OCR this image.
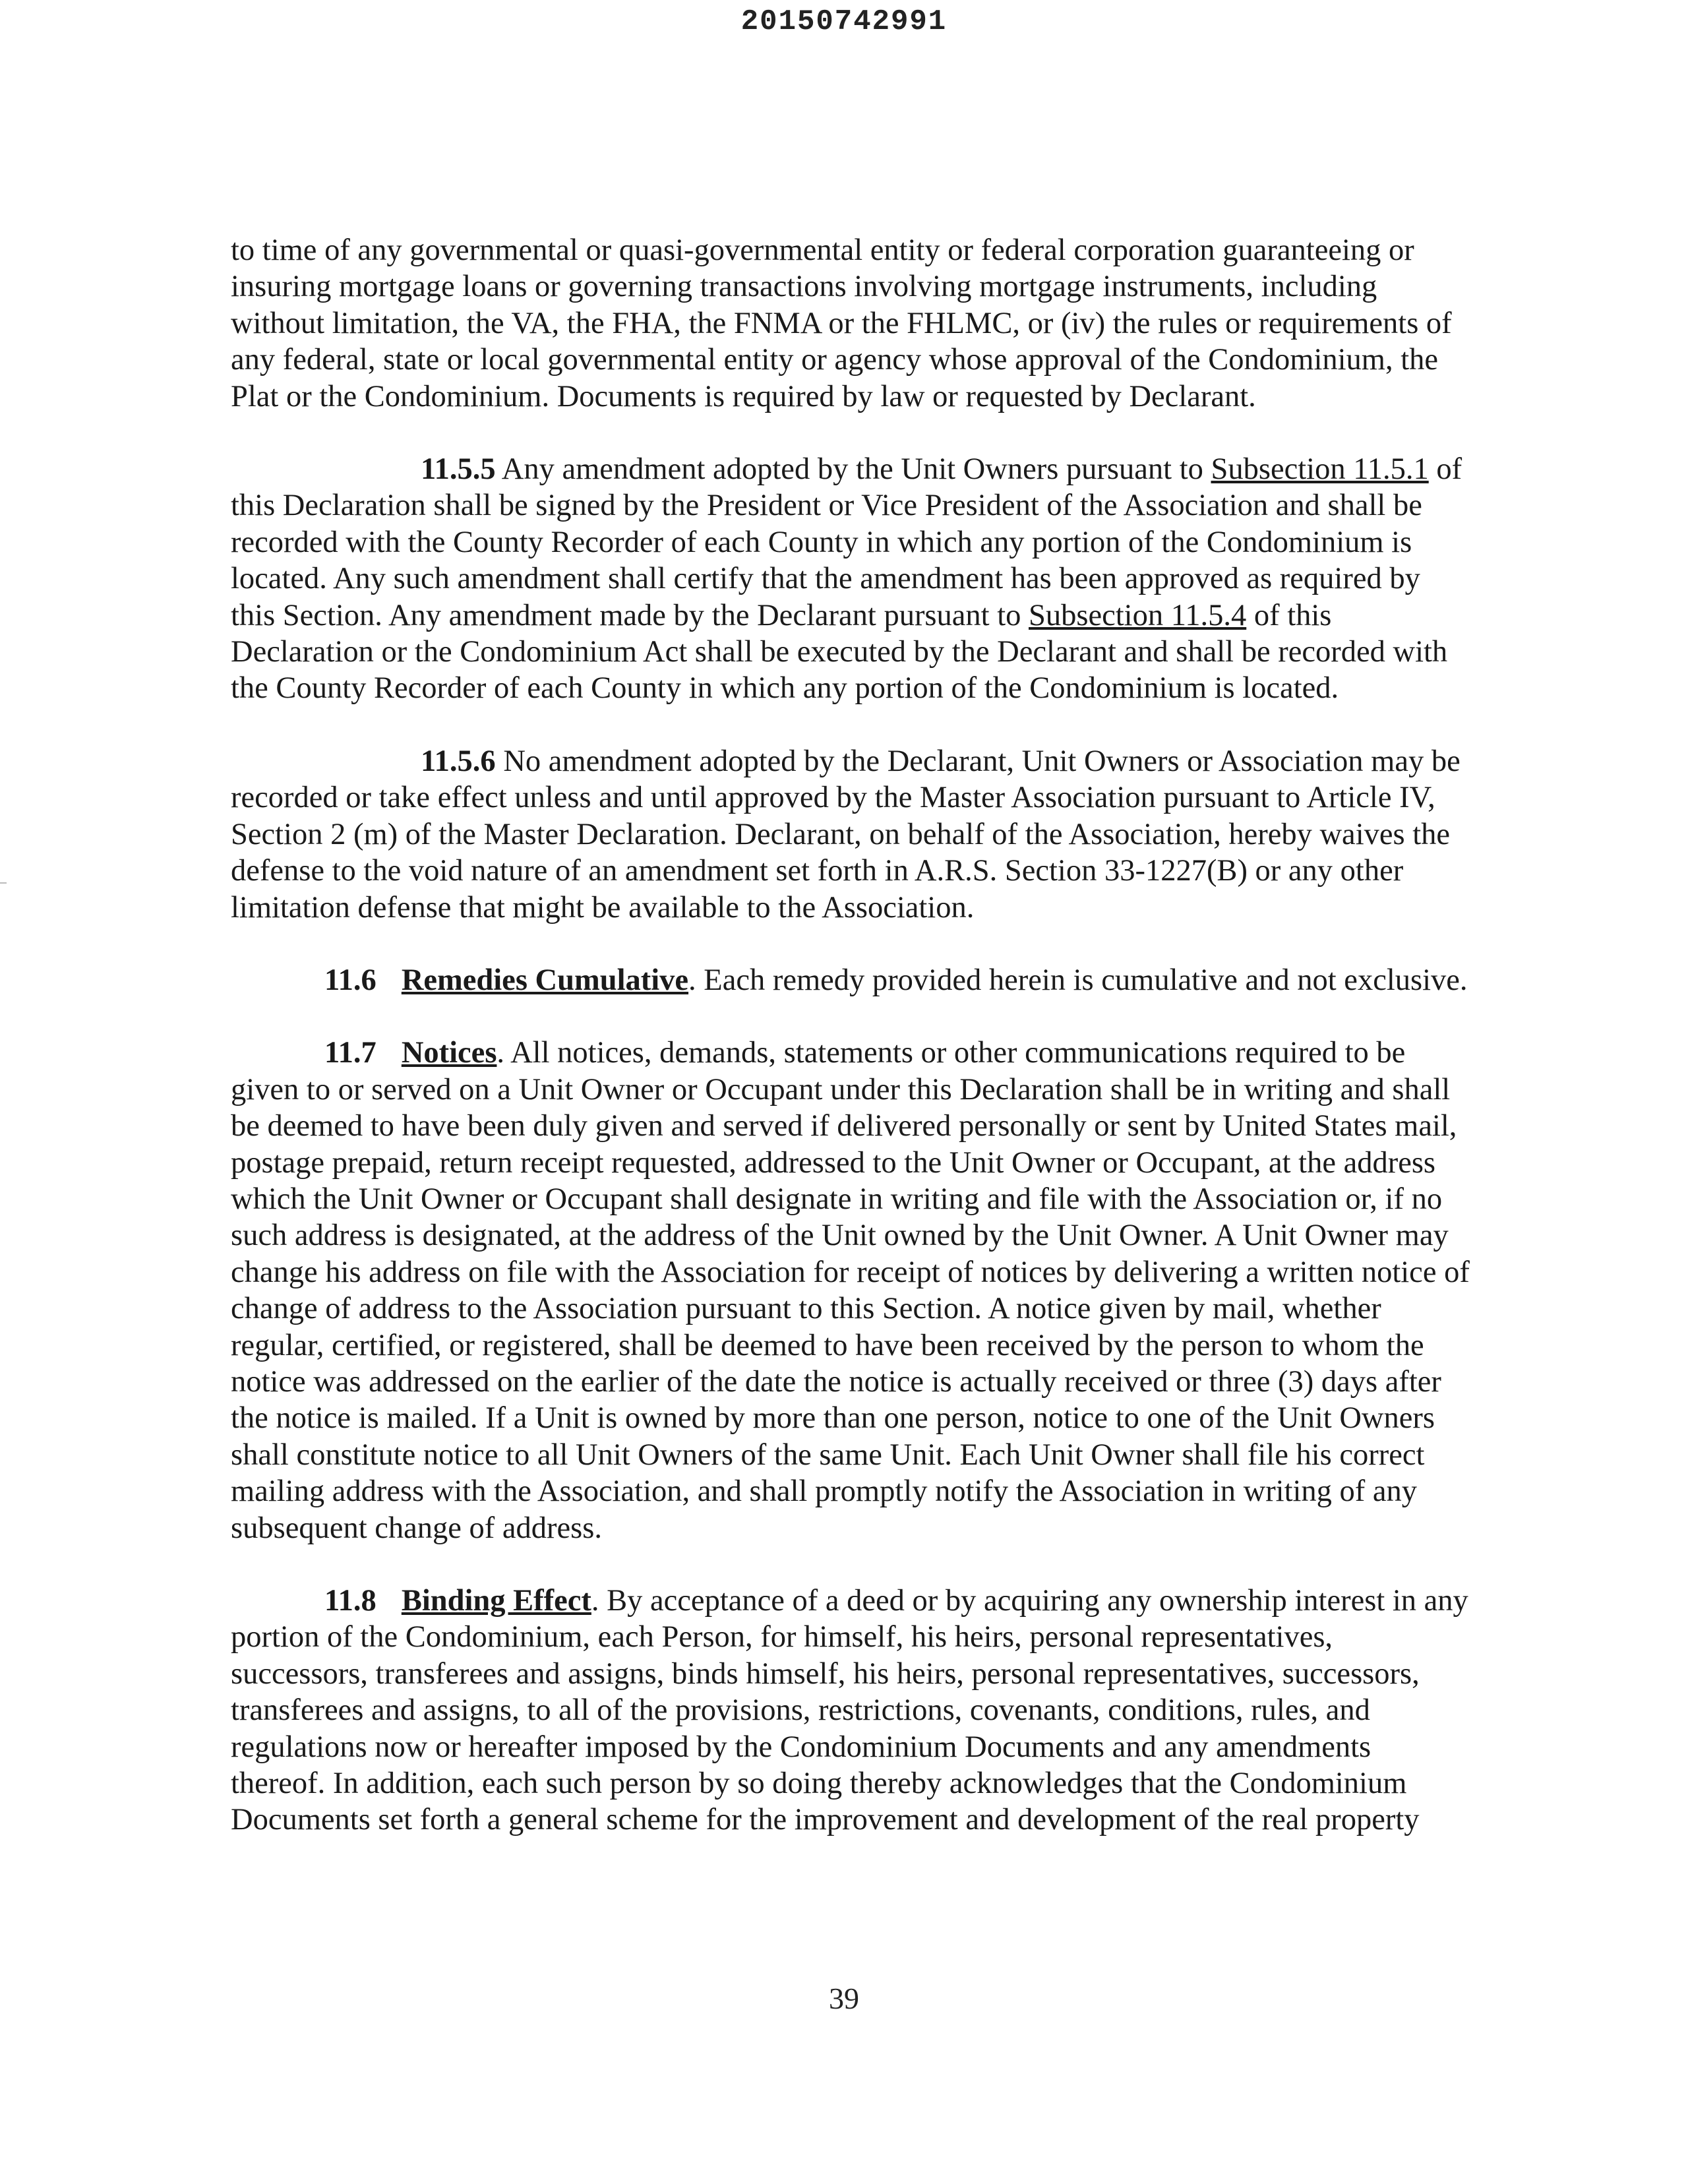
20150742991

to time of any governmental or quasi-governmental entity or federal corporation guaranteeing or insuring mortgage loans or governing transactions involving mortgage instruments, including without limitation, the VA, the FHA, the FNMA or the FHLMC, or (iv) the rules or requirements of any federal, state or local governmental entity or agency whose approval of the Condominium, the Plat or the Condominium. Documents is required by law or requested by Declarant.

11.5.5 Any amendment adopted by the Unit Owners pursuant to Subsection 11.5.1 of this Declaration shall be signed by the President or Vice President of the Association and shall be recorded with the County Recorder of each County in which any portion of the Condominium is located. Any such amendment shall certify that the amendment has been approved as required by this Section. Any amendment made by the Declarant pursuant to Subsection 11.5.4 of this Declaration or the Condominium Act shall be executed by the Declarant and shall be recorded with the County Recorder of each County in which any portion of the Condominium is located.

11.5.6 No amendment adopted by the Declarant, Unit Owners or Association may be recorded or take effect unless and until approved by the Master Association pursuant to Article IV, Section 2 (m) of the Master Declaration. Declarant, on behalf of the Association, hereby waives the defense to the void nature of an amendment set forth in A.R.S. Section 33-1227(B) or any other limitation defense that might be available to the Association.

11.6 Remedies Cumulative. Each remedy provided herein is cumulative and not exclusive.

11.7 Notices. All notices, demands, statements or other communications required to be given to or served on a Unit Owner or Occupant under this Declaration shall be in writing and shall be deemed to have been duly given and served if delivered personally or sent by United States mail, postage prepaid, return receipt requested, addressed to the Unit Owner or Occupant, at the address which the Unit Owner or Occupant shall designate in writing and file with the Association or, if no such address is designated, at the address of the Unit owned by the Unit Owner. A Unit Owner may change his address on file with the Association for receipt of notices by delivering a written notice of change of address to the Association pursuant to this Section. A notice given by mail, whether regular, certified, or registered, shall be deemed to have been received by the person to whom the notice was addressed on the earlier of the date the notice is actually received or three (3) days after the notice is mailed. If a Unit is owned by more than one person, notice to one of the Unit Owners shall constitute notice to all Unit Owners of the same Unit. Each Unit Owner shall file his correct mailing address with the Association, and shall promptly notify the Association in writing of any subsequent change of address.

11.8 Binding Effect. By acceptance of a deed or by acquiring any ownership interest in any portion of the Condominium, each Person, for himself, his heirs, personal representatives, successors, transferees and assigns, binds himself, his heirs, personal representatives, successors, transferees and assigns, to all of the provisions, restrictions, covenants, conditions, rules, and regulations now or hereafter imposed by the Condominium Documents and any amendments thereof. In addition, each such person by so doing thereby acknowledges that the Condominium Documents set forth a general scheme for the improvement and development of the real property

39
